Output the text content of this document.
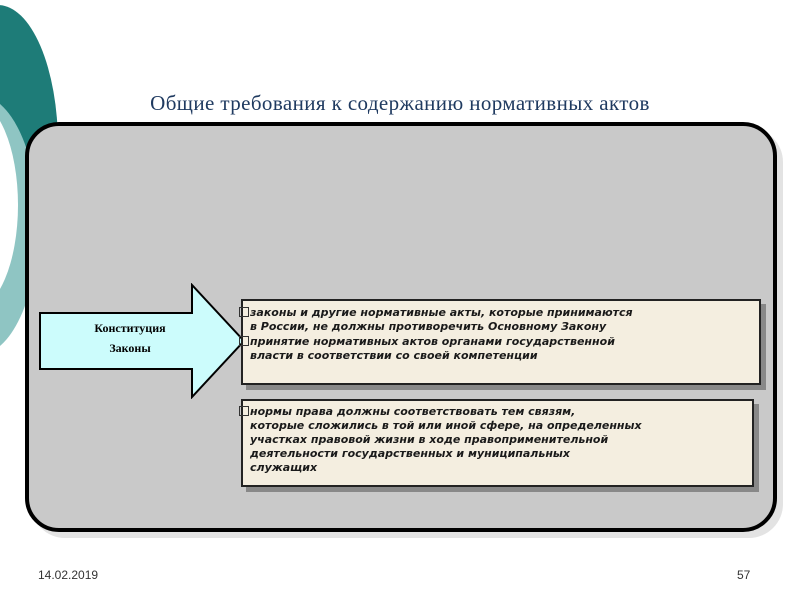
Общие требования к содержанию нормативных актов
Конституция
Законы
законы и другие нормативные акты, которые принимаются
в России, не должны противоречить Основному Закону
принятие нормативных актов органами государственной
власти в соответствии со своей компетенции
нормы права должны соответствовать тем связям,
которые сложились в той или иной сфере, на определенных
участках правовой жизни в ходе правоприменительной
деятельности государственных и муниципальных
служащих
14.02.2019	57
